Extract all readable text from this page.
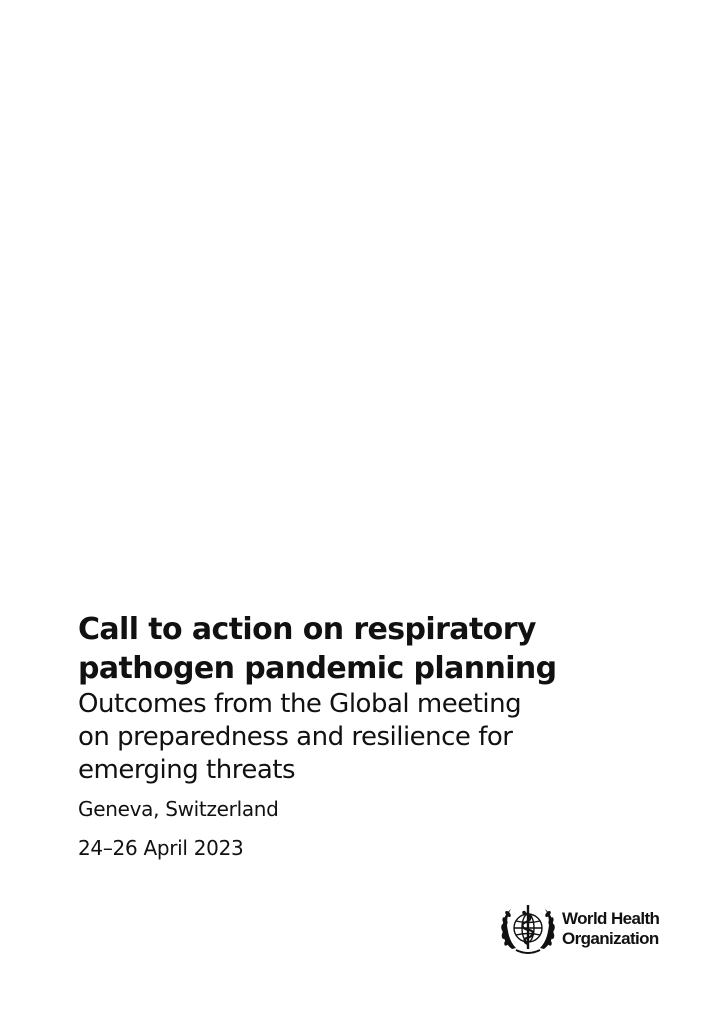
Call to action on respiratory
pathogen pandemic planning

Outcomes from the Global meeting
on preparedness and resilience for
emerging threats

Geneva, Switzerland

24–26 April 2023

World Health
Organization
